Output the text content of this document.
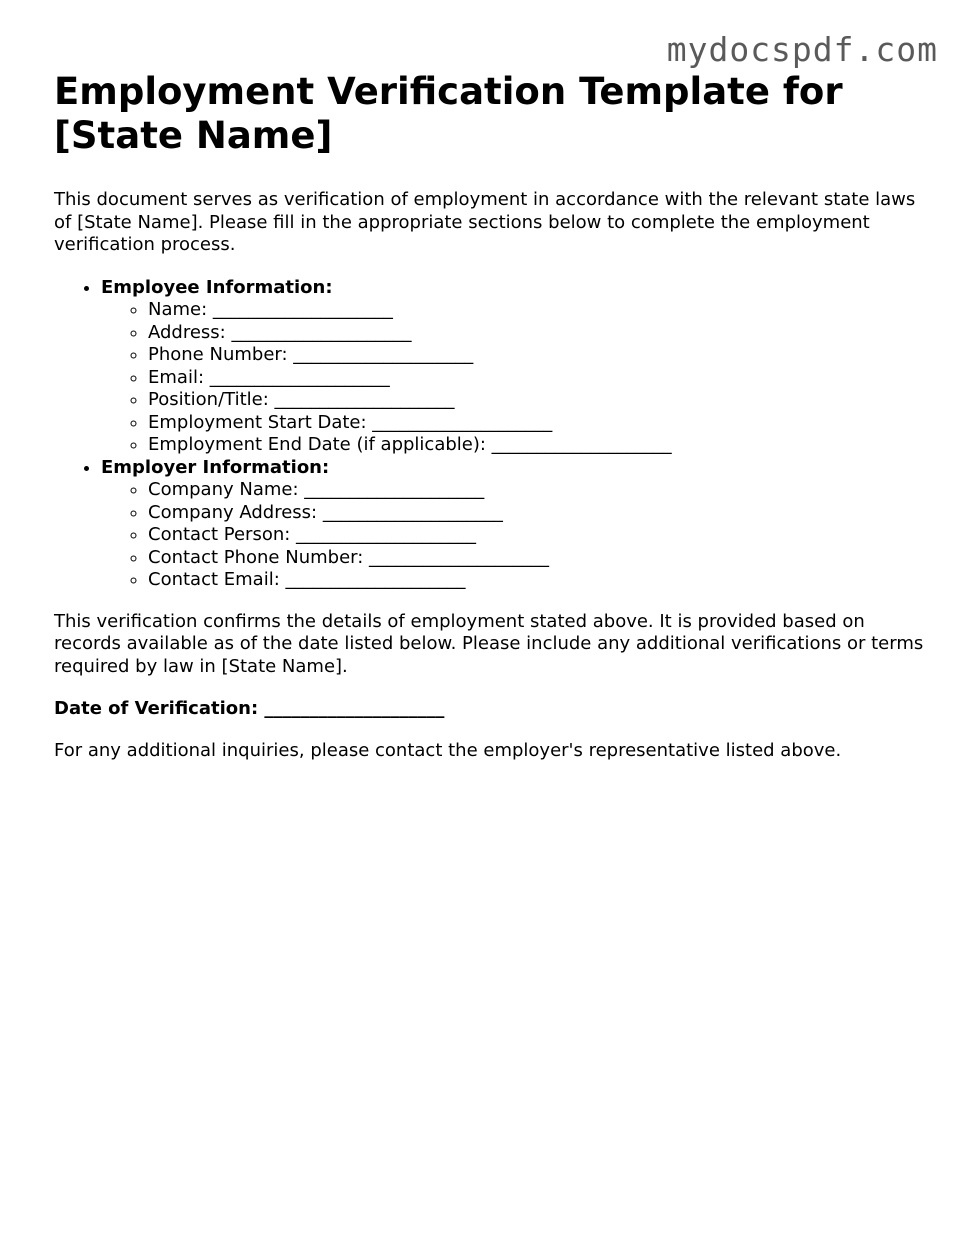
mydocspdf.com
Employment Verification Template for [State Name]

This document serves as verification of employment in accordance with the relevant state laws of [State Name]. Please fill in the appropriate sections below to complete the employment verification process.

• Employee Information:
◦ Name: ____________________
◦ Address: ____________________
◦ Phone Number: ____________________
◦ Email: ____________________
◦ Position/Title: ____________________
◦ Employment Start Date: ____________________
◦ Employment End Date (if applicable): ____________________
• Employer Information:
◦ Company Name: ____________________
◦ Company Address: ____________________
◦ Contact Person: ____________________
◦ Contact Phone Number: ____________________
◦ Contact Email: ____________________

This verification confirms the details of employment stated above. It is provided based on records available as of the date listed below. Please include any additional verifications or terms required by law in [State Name].

Date of Verification: ____________________

For any additional inquiries, please contact the employer's representative listed above.
